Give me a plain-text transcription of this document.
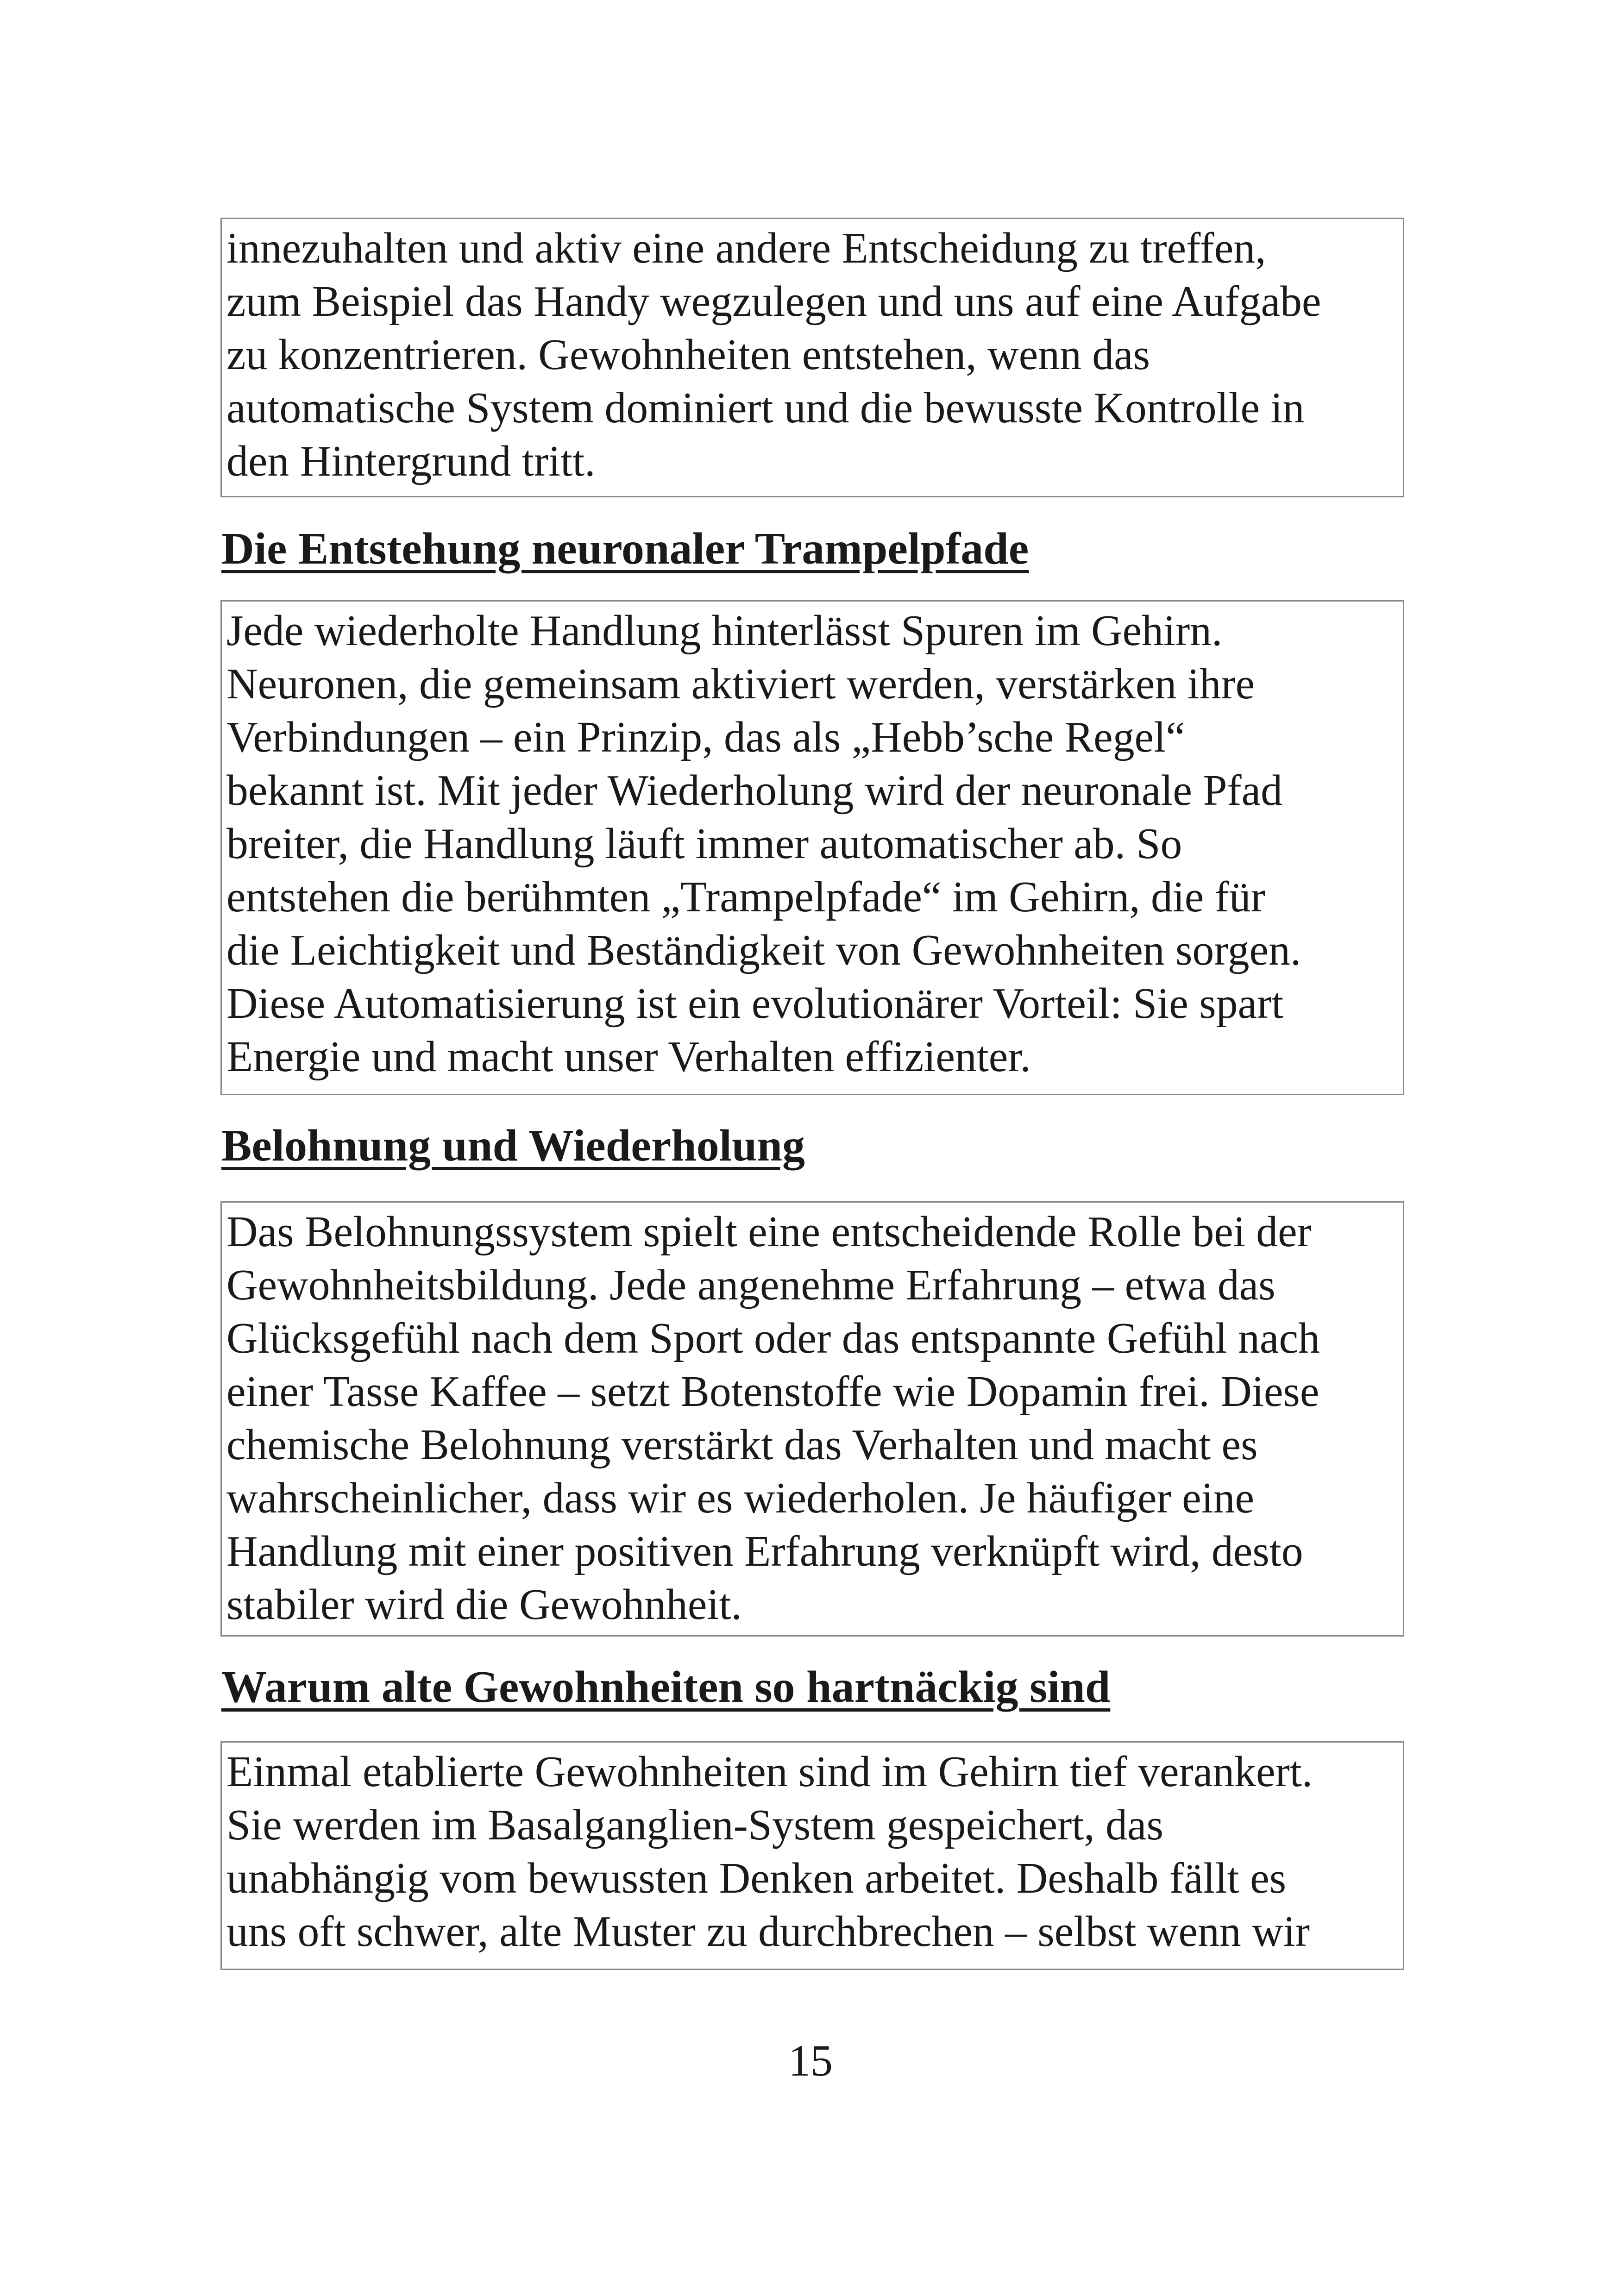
innezuhalten und aktiv eine andere Entscheidung zu treffen,
zum Beispiel das Handy wegzulegen und uns auf eine Aufgabe
zu konzentrieren. Gewohnheiten entstehen, wenn das
automatische System dominiert und die bewusste Kontrolle in
den Hintergrund tritt.

Die Entstehung neuronaler Trampelpfade

Jede wiederholte Handlung hinterlässt Spuren im Gehirn.
Neuronen, die gemeinsam aktiviert werden, verstärken ihre
Verbindungen – ein Prinzip, das als „Hebb’sche Regel“
bekannt ist. Mit jeder Wiederholung wird der neuronale Pfad
breiter, die Handlung läuft immer automatischer ab. So
entstehen die berühmten „Trampelpfade“ im Gehirn, die für
die Leichtigkeit und Beständigkeit von Gewohnheiten sorgen.
Diese Automatisierung ist ein evolutionärer Vorteil: Sie spart
Energie und macht unser Verhalten effizienter.

Belohnung und Wiederholung

Das Belohnungssystem spielt eine entscheidende Rolle bei der
Gewohnheitsbildung. Jede angenehme Erfahrung – etwa das
Glücksgefühl nach dem Sport oder das entspannte Gefühl nach
einer Tasse Kaffee – setzt Botenstoffe wie Dopamin frei. Diese
chemische Belohnung verstärkt das Verhalten und macht es
wahrscheinlicher, dass wir es wiederholen. Je häufiger eine
Handlung mit einer positiven Erfahrung verknüpft wird, desto
stabiler wird die Gewohnheit.

Warum alte Gewohnheiten so hartnäckig sind

Einmal etablierte Gewohnheiten sind im Gehirn tief verankert.
Sie werden im Basalganglien-System gespeichert, das
unabhängig vom bewussten Denken arbeitet. Deshalb fällt es
uns oft schwer, alte Muster zu durchbrechen – selbst wenn wir

15
